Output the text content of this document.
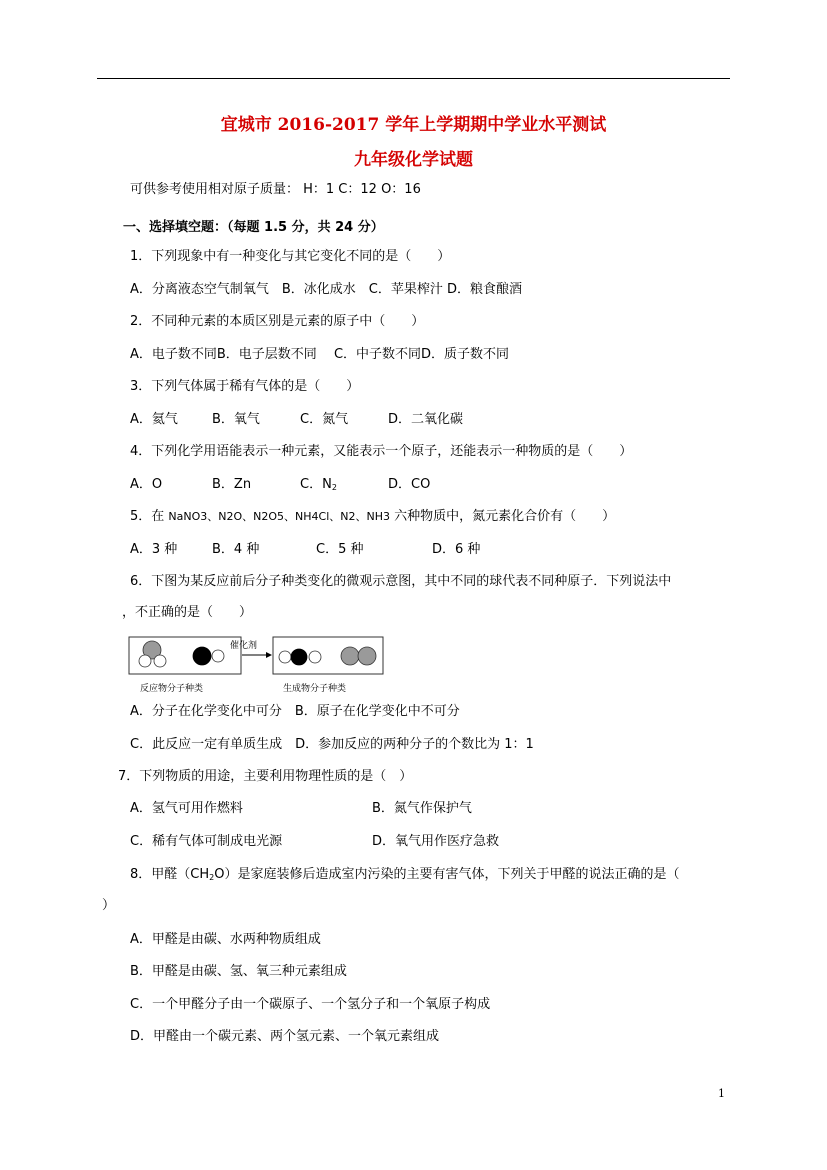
宜城市 2016-2017 学年上学期期中学业水平测试
九年级化学试题
可供参考使用相对原子质量： H：1 C：12 O：16
一、选择填空题：（每题 1.5 分，共 24 分）
1．下列现象中有一种变化与其它变化不同的是（　　）
A．分离液态空气制氧气　B．冰化成水　C．苹果榨汁 D．粮食酿酒
2．不同种元素的本质区别是元素的原子中（　　）
A．电子数不同B．电子层数不同　 C．中子数不同D．质子数不同
3．下列气体属于稀有气体的是（　　）
A．氦气	B．氧气	C．氮气	D．二氧化碳
4．下列化学用语能表示一种元素，又能表示一个原子，还能表示一种物质的是（　　）
A．O	B．Zn	C．$N_2$	D．CO
5．在 NaNO3、N2O、N2O5、NH4Cl、N2、NH3 六种物质中，氮元素化合价有（　　）
A．3 种	B．4 种	C．5 种	D．6 种
6．下图为某反应前后分子种类变化的微观示意图，其中不同的球代表不同种原子．下列说法中
，不正确的是（　　）
催化剂
反应物分子种类	生成物分子种类
A．分子在化学变化中可分　B．原子在化学变化中不可分
C．此反应一定有单质生成　D．参加反应的两种分子的个数比为 1：1
7．下列物质的用途，主要利用物理性质的是（　）
A．氢气可用作燃料	B．氮气作保护气
C．稀有气体可制成电光源	D．氧气用作医疗急救
8．甲醛$(CH_2O)$是家庭装修后造成室内污染的主要有害气体，下列关于甲醛的说法正确的是（
）
A．甲醛是由碳、水两种物质组成
B．甲醛是由碳、氢、氧三种元素组成
C．一个甲醛分子由一个碳原子、一个氢分子和一个氧原子构成
D．甲醛由一个碳元素、两个氢元素、一个氧元素组成
1
